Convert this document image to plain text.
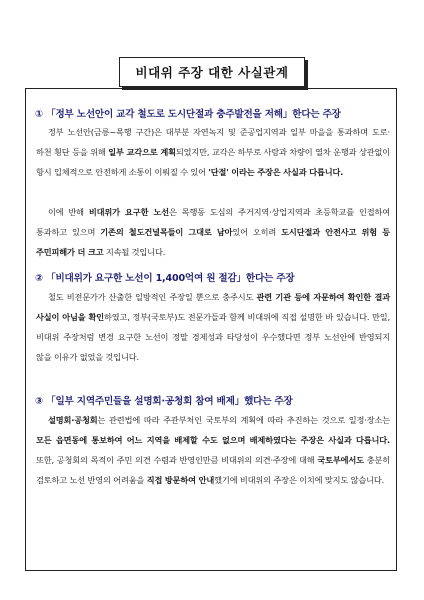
비대위 주장 대한 사실관계
① 「정부 노선안이 교각 철도로 도시단절과 충주발전을 저해」한다는 주장
정부 노선안(금릉~목행 구간)은 대부분 자연녹지 및 준공업지역과 일부 마을을 통과하며 도로·하천 횡단 등을 위해 일부 교각으로 계획되었지만, 교각은 하부로 사람과 차량이 열차 운행과 상관없이 항시 입체적으로 안전하게 소통이 이뤄질 수 있어 '단절' 이라는 주장은 사실과 다릅니다.
이에 반해 비대위가 요구한 노선은 목행동 도심의 주거지역·상업지역과 초등학교를 인접하여 통과하고 있으며 기존의 철도건널목들이 그대로 남아있어 오히려 도시단절과 안전사고 위험 등 주민피해가 더 크고 지속될 것입니다.
② 「비대위가 요구한 노선이 1,400억여 원 절감」한다는 주장
철도 비전문가가 산출한 일방적인 주장일 뿐으로 충주시도 관련 기관 등에 자문하여 확인한 결과 사실이 아님을 확인하였고, 정부(국토부)도 전문가들과 함께 비대위에 직접 설명한 바 있습니다. 만일, 비대위 주장처럼 변경 요구한 노선이 정말 경제성과 타당성이 우수했다면 정부 노선안에 반영되지 않을 이유가 없었을 것입니다.
③ 「일부 지역주민들을 설명회·공청회 참여 배제」했다는 주장
설명회·공청회는 관련법에 따라 주관부처인 국토부의 계획에 따라 추진하는 것으로 일정·장소는 모든 읍면동에 통보하여 어느 지역을 배제할 수도 없으며 배제하였다는 주장은 사실과 다릅니다. 또한, 공청회의 목적이 주민 의견 수렴과 반영인만큼 비대위의 의견·주장에 대해 국토부에서도 충분히 검토하고 노선 반영의 어려움을 직접 방문하여 안내했기에 비대위의 주장은 이치에 맞지도 않습니다.
